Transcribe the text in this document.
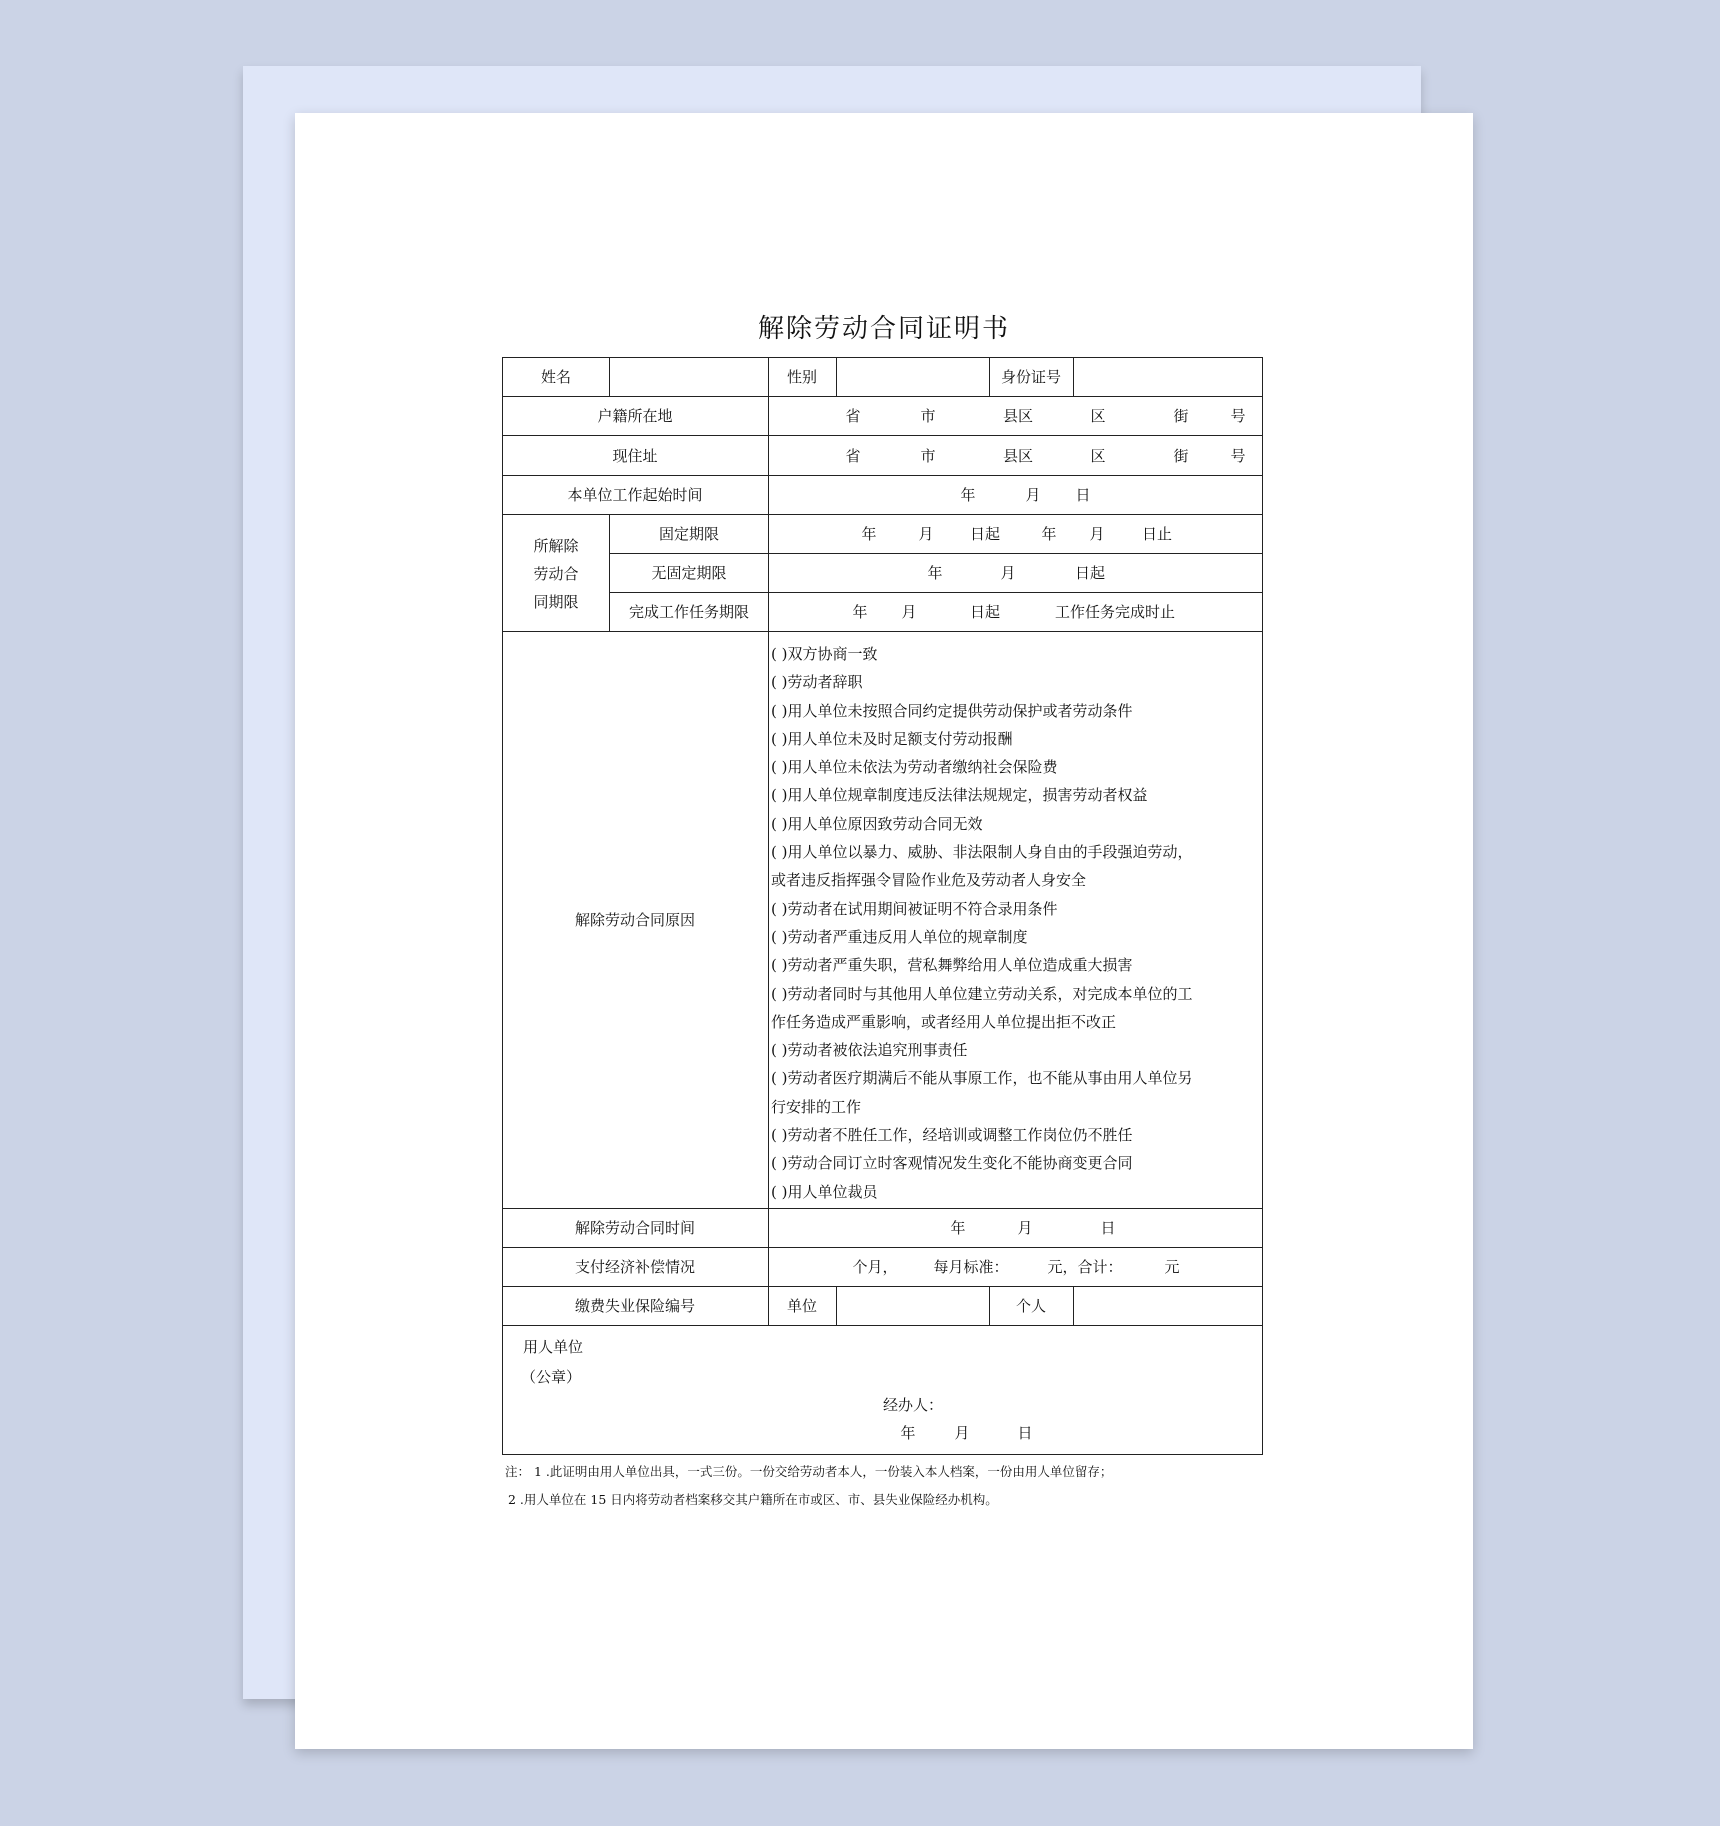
解除劳动合同证明书
姓名	性别	身份证号
户籍所在地	省	市	县区	区	街	号
现住址	省	市	县区	区	街	号
本单位工作起始时间	年	月 日
所解除
劳动合
同期限
固定期限	年	月 日起	年 月 日止
无固定期限	年	月	日起
完成工作任务期限	年 月	日起	工作任务完成时止
解除劳动合同原因
( )双方协商一致
( )劳动者辞职
( )用人单位未按照合同约定提供劳动保护或者劳动条件
( )用人单位未及时足额支付劳动报酬
( )用人单位未依法为劳动者缴纳社会保险费
( )用人单位规章制度违反法律法规规定，损害劳动者权益
( )用人单位原因致劳动合同无效
( )用人单位以暴力、威胁、非法限制人身自由的手段强迫劳动，
或者违反指挥强令冒险作业危及劳动者人身安全
( )劳动者在试用期间被证明不符合录用条件
( )劳动者严重违反用人单位的规章制度
( )劳动者严重失职，营私舞弊给用人单位造成重大损害
( )劳动者同时与其他用人单位建立劳动关系，对完成本单位的工
作任务造成严重影响，或者经用人单位提出拒不改正
( )劳动者被依法追究刑事责任
( )劳动者医疗期满后不能从事原工作，也不能从事由用人单位另
行安排的工作
( )劳动者不胜任工作，经培训或调整工作岗位仍不胜任
( )劳动合同订立时客观情况发生变化不能协商变更合同
( )用人单位裁员
解除劳动合同时间	年	月	日
支付经济补偿情况	个月， 每月标准：	元，合计：	元
缴费失业保险编号	单位	个人
用人单位
（公章）
经办人：
年	月	日
注： 1 .此证明由用人单位出具，一式三份。一份交给劳动者本人，一份装入本人档案，一份由用人单位留存；
2 .用人单位在 15 日内将劳动者档案移交其户籍所在市或区、市、县失业保险经办机构。
